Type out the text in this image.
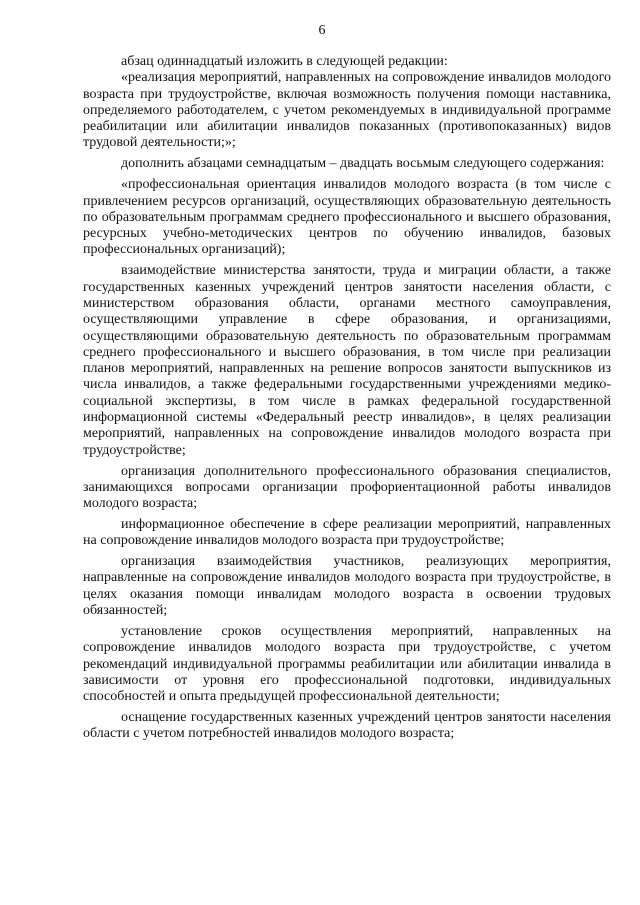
6

абзац одиннадцатый изложить в следующей редакции:

«реализация мероприятий, направленных на сопровождение инвалидов молодого возраста при трудоустройстве, включая возможность получения помощи наставника, определяемого работодателем, с учетом рекомендуемых в индивидуальной программе реабилитации или абилитации инвалидов показанных (противопоказанных) видов трудовой деятельности;»;

дополнить абзацами семнадцатым – двадцать восьмым следующего содержания:

«профессиональная ориентация инвалидов молодого возраста (в том числе с привлечением ресурсов организаций, осуществляющих образовательную деятельность по образовательным программам среднего профессионального и высшего образования, ресурсных учебно-методических центров по обучению инвалидов, базовых профессиональных организаций);

взаимодействие министерства занятости, труда и миграции области, а также государственных казенных учреждений центров занятости населения области, с министерством образования области, органами местного самоуправления, осуществляющими управление в сфере образования, и организациями, осуществляющими образовательную деятельность по образовательным программам среднего профессионального и высшего образования, в том числе при реализации планов мероприятий, направленных на решение вопросов занятости выпускников из числа инвалидов, а также федеральными государственными учреждениями медико-социальной экспертизы, в том числе в рамках федеральной государственной информационной системы «Федеральный реестр инвалидов», в целях реализации мероприятий, направленных на сопровождение инвалидов молодого возраста при трудоустройстве;

организация дополнительного профессионального образования специалистов, занимающихся вопросами организации профориентационной работы инвалидов молодого возраста;

информационное обеспечение в сфере реализации мероприятий, направленных на сопровождение инвалидов молодого возраста при трудоустройстве;

организация взаимодействия участников, реализующих мероприятия, направленные на сопровождение инвалидов молодого возраста при трудоустройстве, в целях оказания помощи инвалидам молодого возраста в освоении трудовых обязанностей;

установление сроков осуществления мероприятий, направленных на сопровождение инвалидов молодого возраста при трудоустройстве, с учетом рекомендаций индивидуальной программы реабилитации или абилитации инвалида в зависимости от уровня его профессиональной подготовки, индивидуальных способностей и опыта предыдущей профессиональной деятельности;

оснащение государственных казенных учреждений центров занятости населения области с учетом потребностей инвалидов молодого возраста;
